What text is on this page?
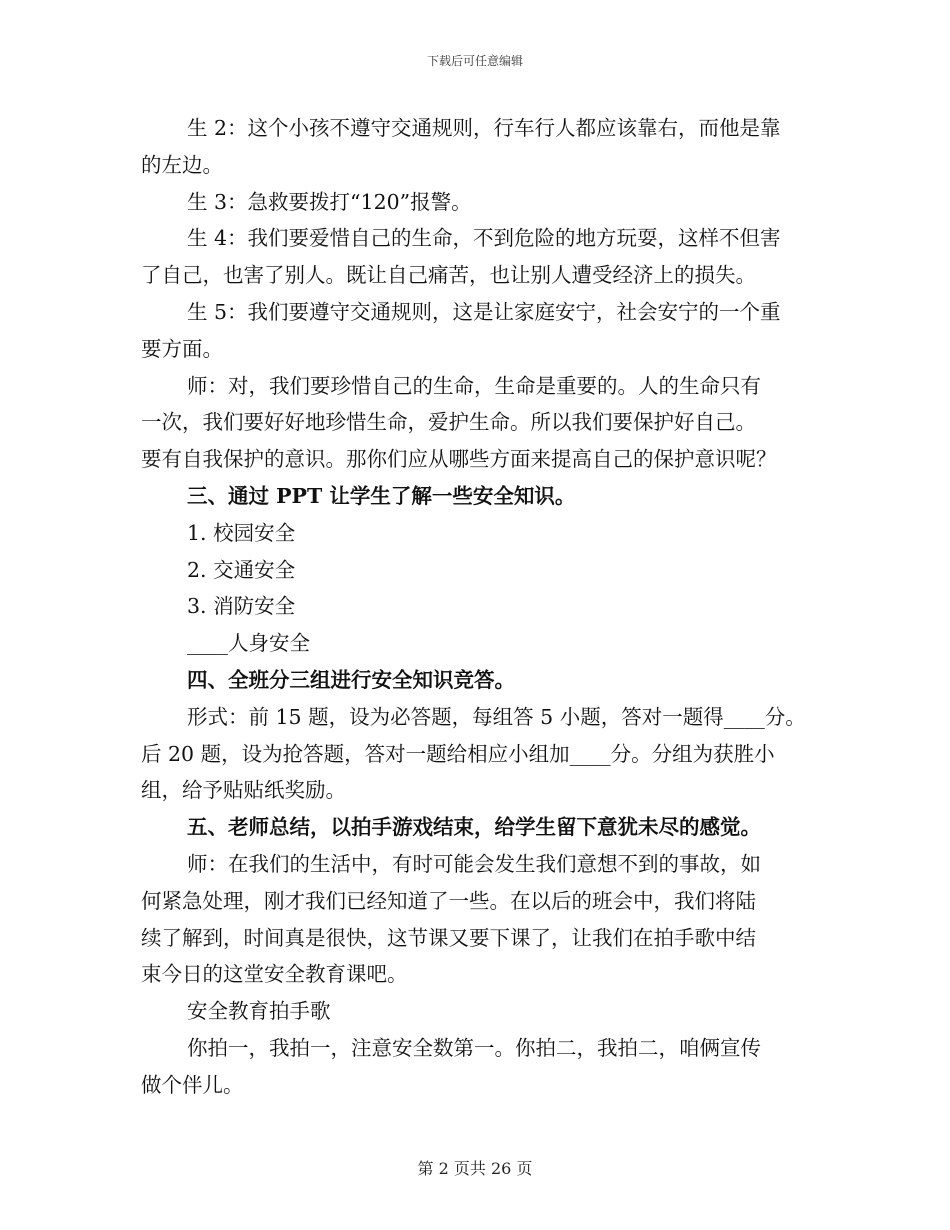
下载后可任意编辑

生 2：这个小孩不遵守交通规则，行车行人都应该靠右，而他是靠

的左边。

生 3：急救要拨打“120”报警。

生 4：我们要爱惜自己的生命，不到危险的地方玩耍，这样不但害

了自己，也害了别人。既让自己痛苦，也让别人遭受经济上的损失。

生 5：我们要遵守交通规则，这是让家庭安宁，社会安宁的一个重

要方面。

师：对，我们要珍惜自己的生命，生命是重要的。人的生命只有

一次，我们要好好地珍惜生命，爱护生命。所以我们要保护好自己。

要有自我保护的意识。那你们应从哪些方面来提高自己的保护意识呢？

三、通过 PPT 让学生了解一些安全知识。

1. 校园安全

2. 交通安全

3. 消防安全

____人身安全

四、全班分三组进行安全知识竞答。

形式：前 15 题，设为必答题，每组答 5 小题，答对一题得____分。

后 20 题，设为抢答题，答对一题给相应小组加____分。分组为获胜小

组，给予贴贴纸奖励。

五、老师总结，以拍手游戏结束，给学生留下意犹未尽的感觉。

师：在我们的生活中，有时可能会发生我们意想不到的事故，如

何紧急处理，刚才我们已经知道了一些。在以后的班会中，我们将陆

续了解到，时间真是很快，这节课又要下课了，让我们在拍手歌中结

束今日的这堂安全教育课吧。

安全教育拍手歌

你拍一，我拍一，注意安全数第一。你拍二，我拍二，咱俩宣传

做个伴儿。

第 2 页共 26 页
